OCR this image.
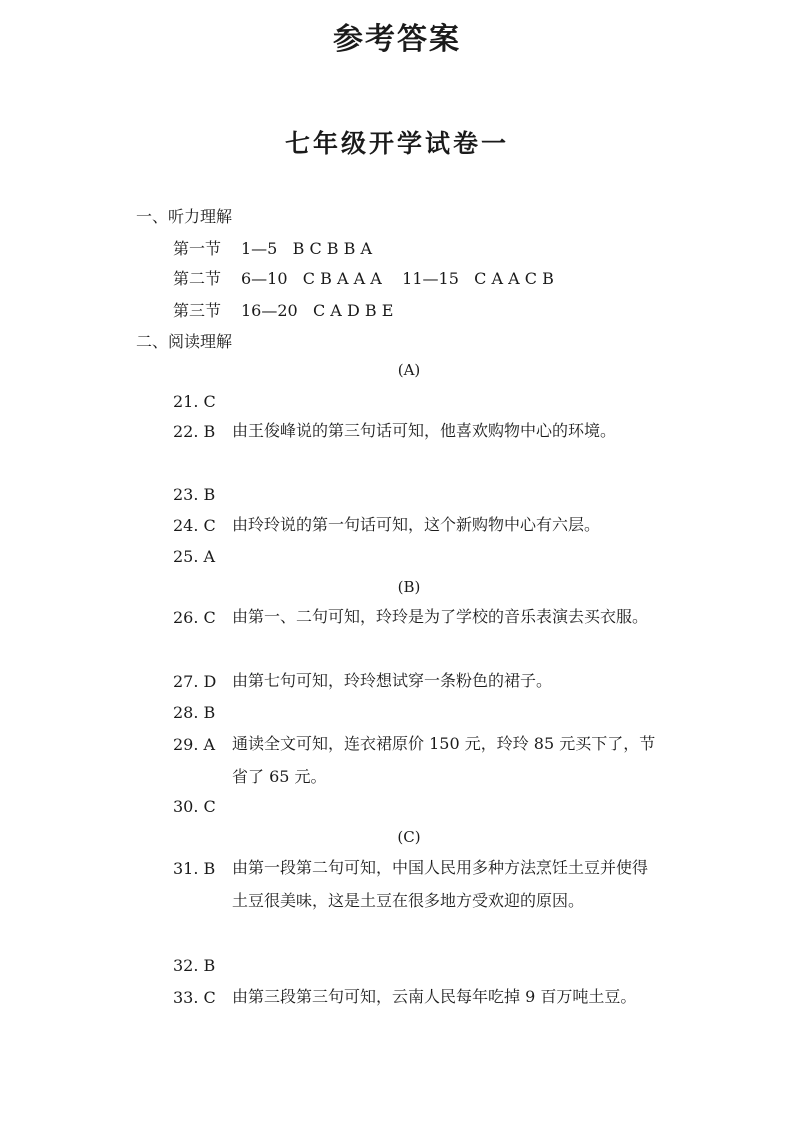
参考答案
七年级开学试卷一
一、听力理解
第一节 1—5   B C B B A
第二节 6—10   C B A A A    11—15   C A A C B
第三节 16—20   C A D B E
二、阅读理解
(A)
21. C
22. B	由王俊峰说的第三句话可知，他喜欢购物中心的环境。
23. B
24. C	由玲玲说的第一句话可知，这个新购物中心有六层。
25. A
(B)
26. C	由第一、二句可知，玲玲是为了学校的音乐表演去买衣服。
27. D 由第七句可知，玲玲想试穿一条粉色的裙子。
28. B
29. A	通读全文可知，连衣裙原价 150 元，玲玲 85 元买下了，节省了 65 元。
30. C
(C)
31. B	由第一段第二句可知，中国人民用多种方法烹饪土豆并使得土豆很美味，这是土豆在很多地方受欢迎的原因。
32. B
33. C	由第三段第三句可知，云南人民每年吃掉 9 百万吨土豆。
